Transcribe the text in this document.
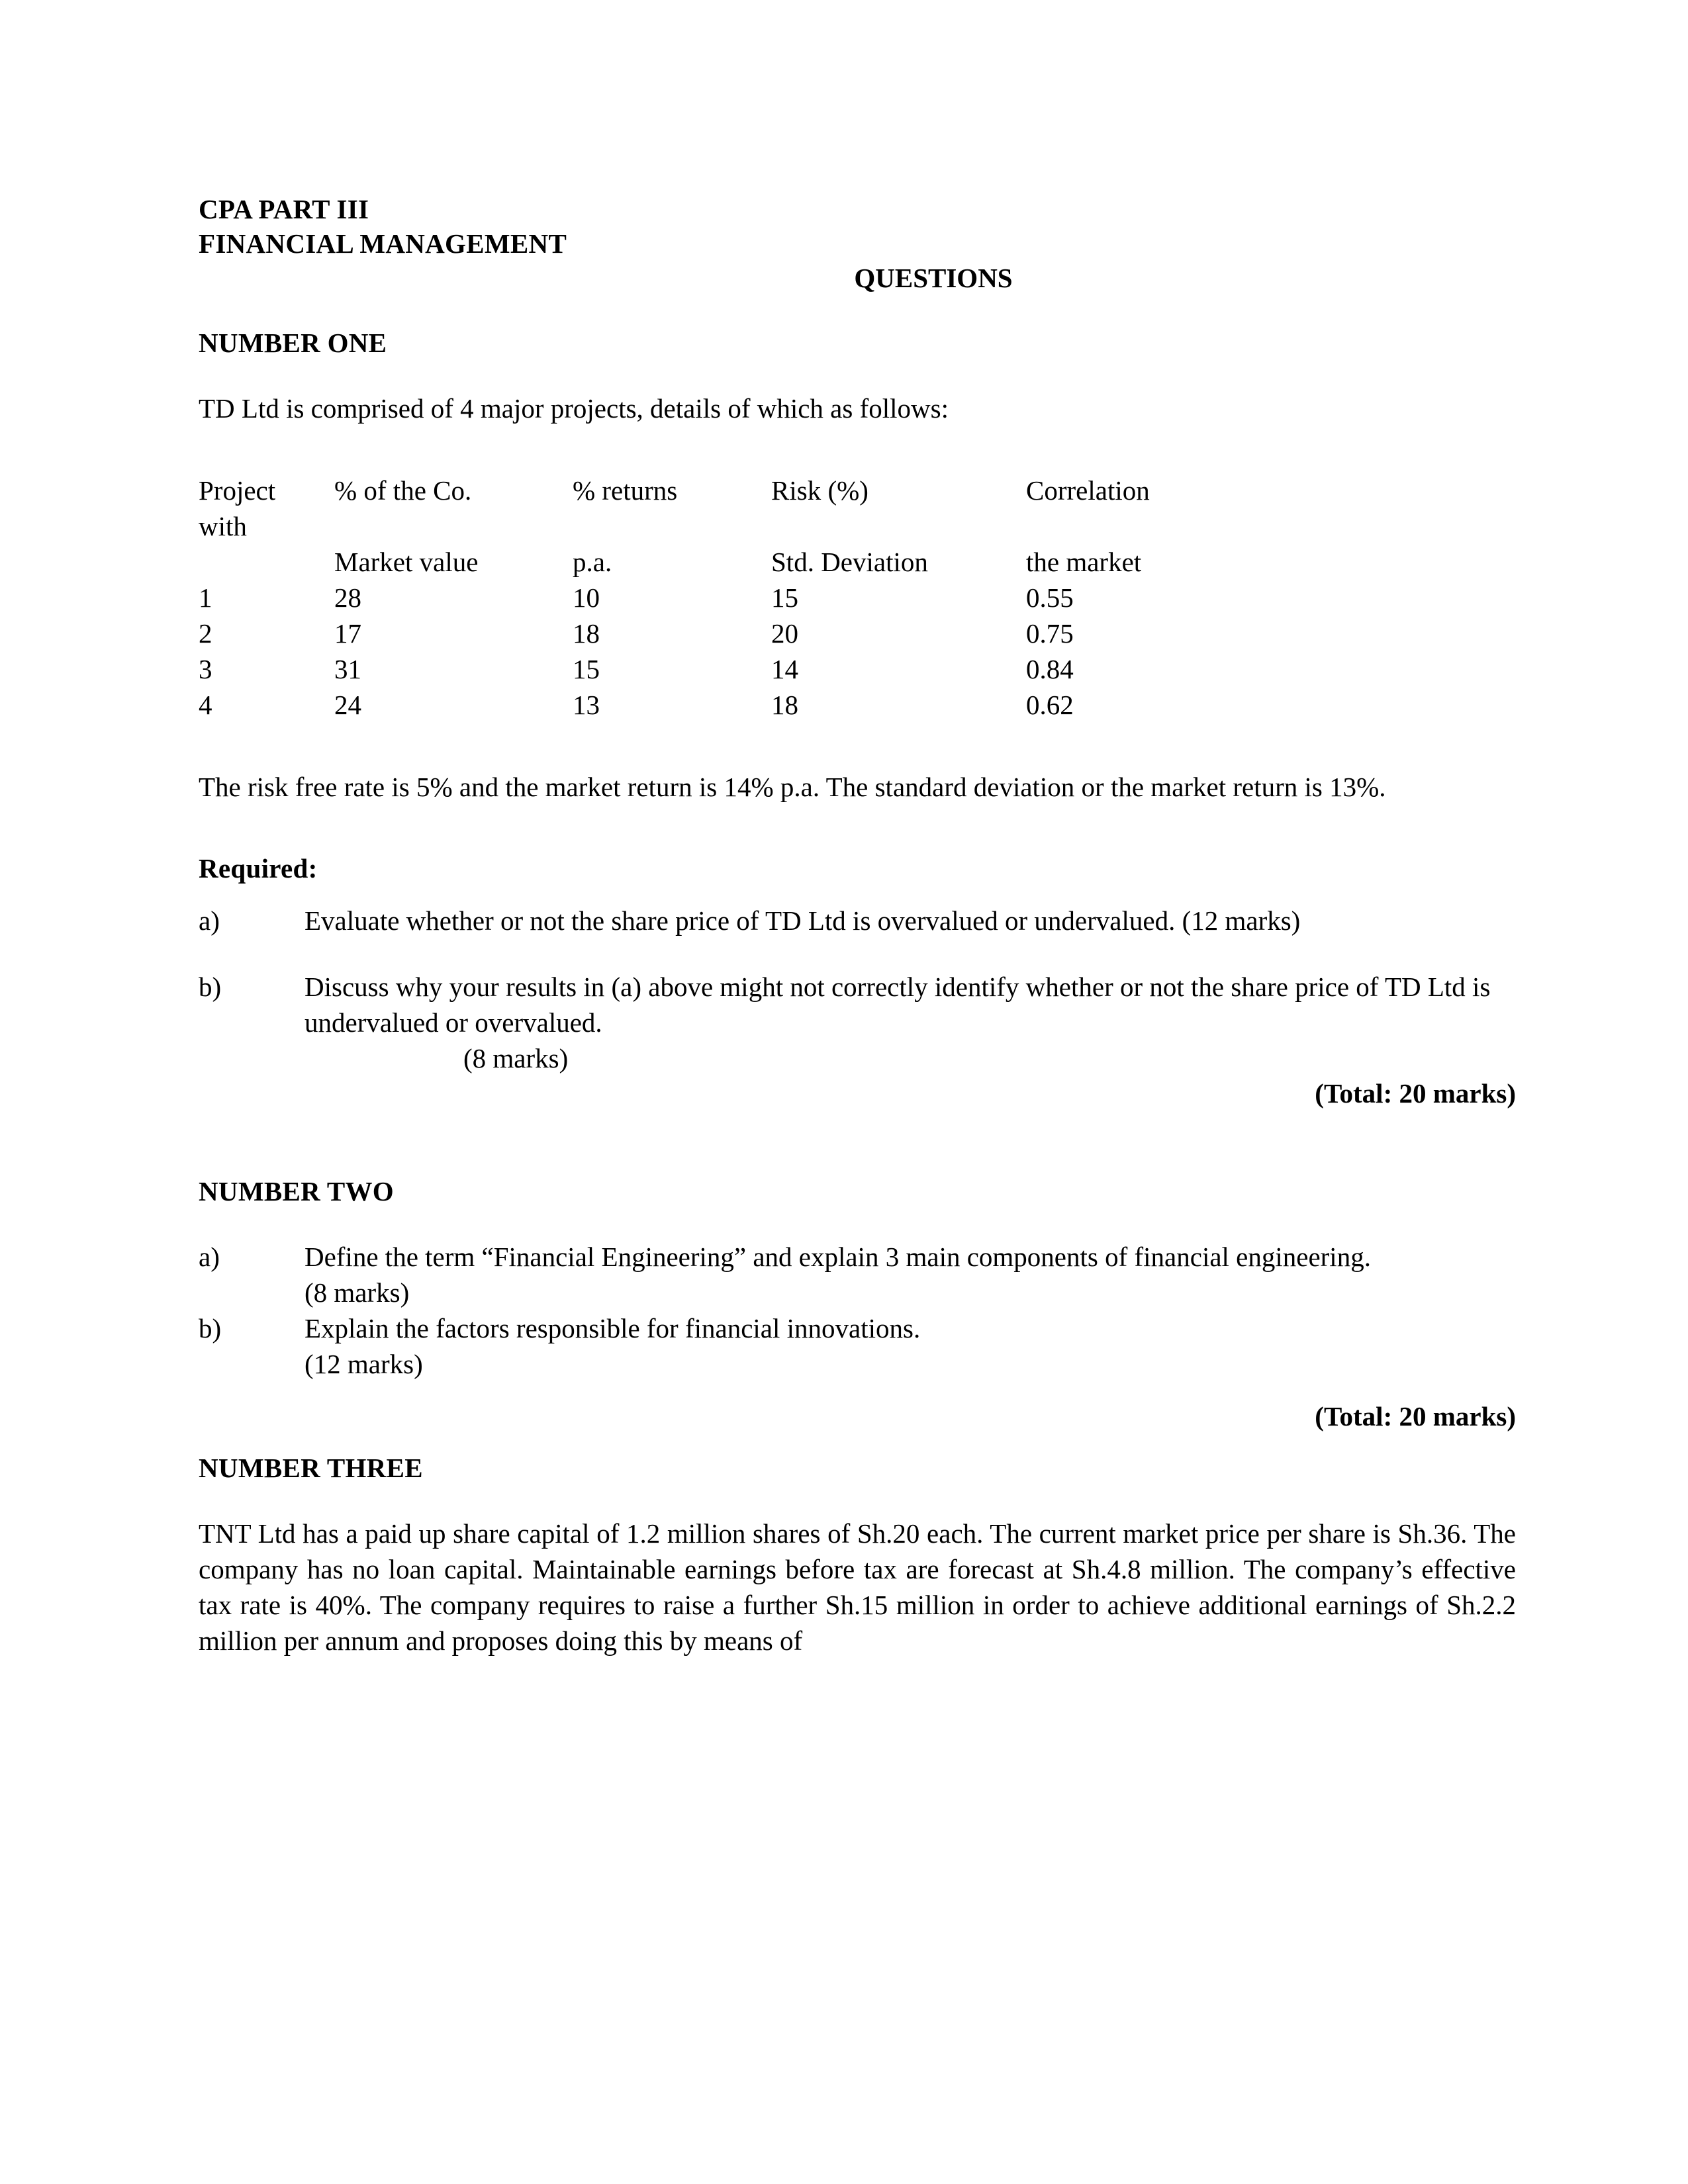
CPA PART III
FINANCIAL MANAGEMENT
QUESTIONS
NUMBER ONE
TD Ltd is comprised of 4 major projects, details of which as follows:
Project	% of the Co.	% returns	Risk (%)	Correlation
with				
	Market value	p.a.	Std. Deviation	the market
1	28	10	15	0.55
2	17	18	20	0.75
3	31	15	14	0.84
4	24	13	18	0.62
The risk free rate is 5% and the market return is 14% p.a. The standard deviation or the market return is 13%.
Required:
a)	Evaluate whether or not the share price of TD Ltd is overvalued or undervalued. (12 marks)
b)	Discuss why your results in (a) above might not correctly identify whether or not the share price of TD Ltd is undervalued or overvalued.
(8 marks)
(Total: 20 marks)
NUMBER TWO
a)	Define the term “Financial Engineering” and explain 3 main components of financial engineering.
(8 marks)
b)	Explain the factors responsible for financial innovations.
(12 marks)
(Total: 20 marks)
NUMBER THREE
TNT Ltd has a paid up share capital of 1.2 million shares of Sh.20 each. The current market price per share is Sh.36. The company has no loan capital. Maintainable earnings before tax are forecast at Sh.4.8 million. The company’s effective tax rate is 40%. The company requires to raise a further Sh.15 million in order to achieve additional earnings of Sh.2.2 million per annum and proposes doing this by means of
